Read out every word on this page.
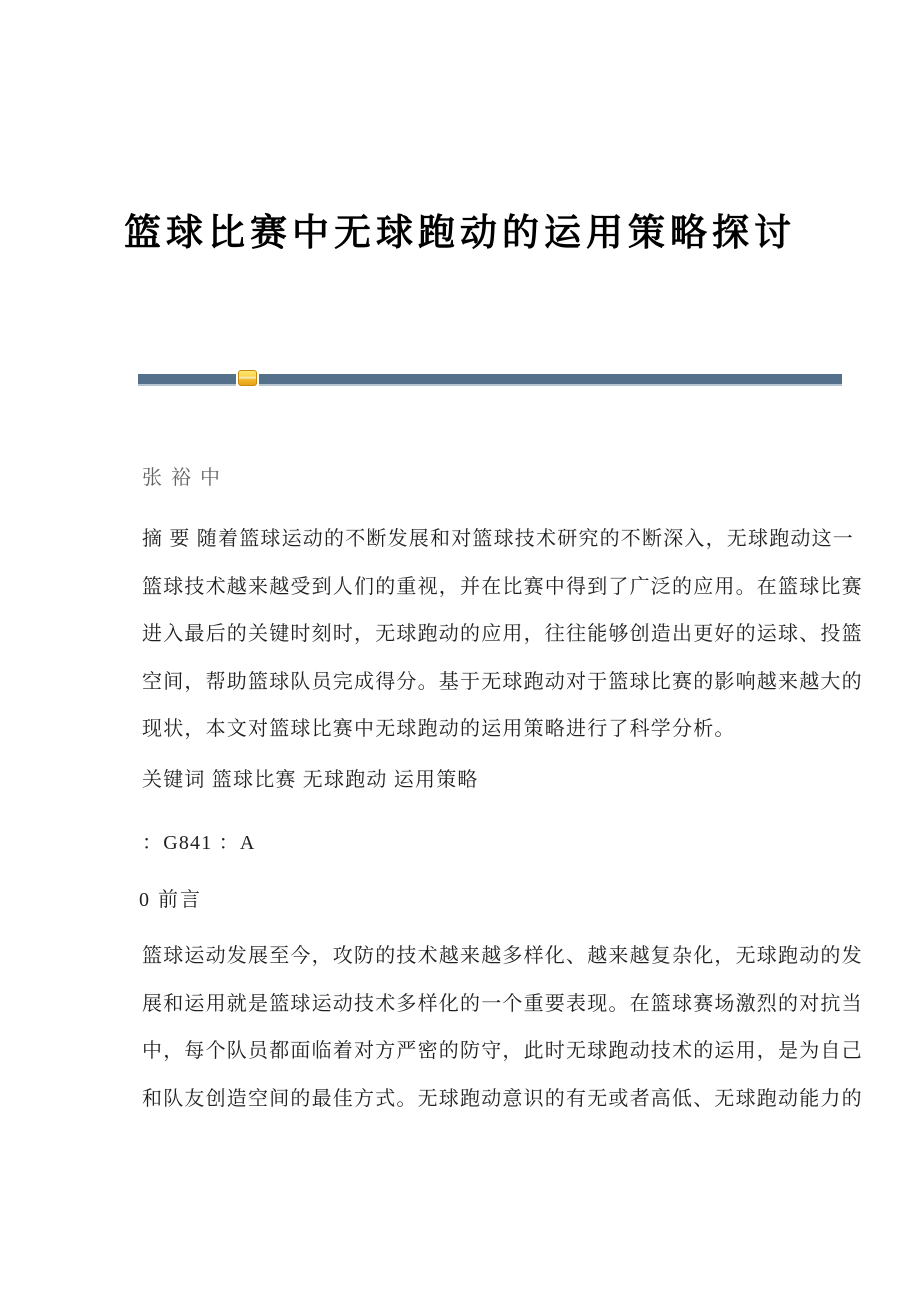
篮球比赛中无球跑动的运用策略探讨
张裕中
摘 要 随着篮球运动的不断发展和对篮球技术研究的不断深入，无球跑动这一
篮球技术越来越受到人们的重视，并在比赛中得到了广泛的应用。在篮球比赛
进入最后的关键时刻时，无球跑动的应用，往往能够创造出更好的运球、投篮
空间，帮助篮球队员完成得分。基于无球跑动对于篮球比赛的影响越来越大的
现状，本文对篮球比赛中无球跑动的运用策略进行了科学分析。
关键词 篮球比赛 无球跑动 运用策略
：G841 ：A
0 前言
篮球运动发展至今，攻防的技术越来越多样化、越来越复杂化，无球跑动的发
展和运用就是篮球运动技术多样化的一个重要表现。在篮球赛场激烈的对抗当
中，每个队员都面临着对方严密的防守，此时无球跑动技术的运用，是为自己
和队友创造空间的最佳方式。无球跑动意识的有无或者高低、无球跑动能力的
